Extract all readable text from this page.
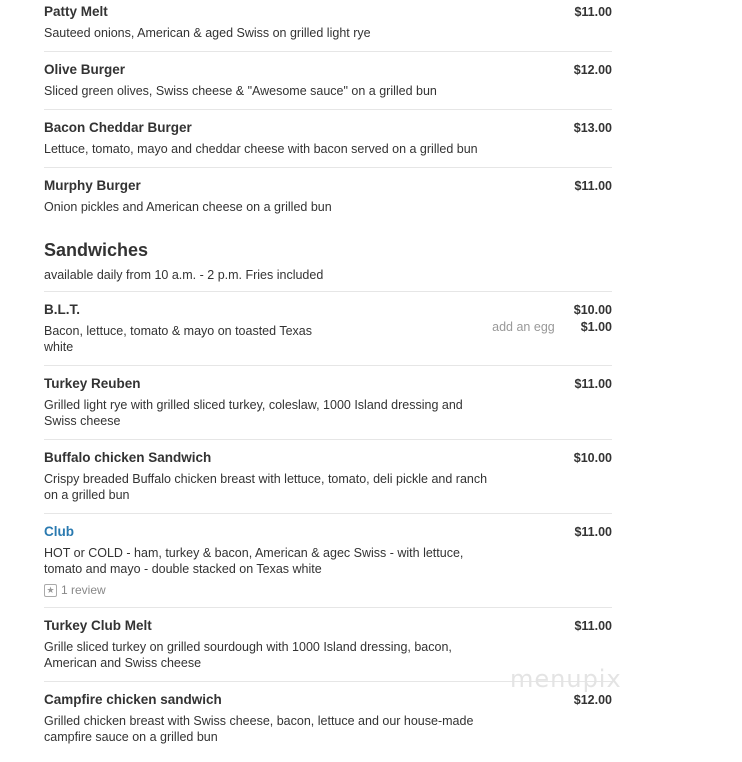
Patty Melt
Sauteed onions, American & aged Swiss on grilled light rye
$11.00
Olive Burger
Sliced green olives, Swiss cheese & "Awesome sauce" on a grilled bun
$12.00
Bacon Cheddar Burger
Lettuce, tomato, mayo and cheddar cheese with bacon served on a grilled bun
$13.00
Murphy Burger
Onion pickles and American cheese on a grilled bun
$11.00
Sandwiches
available daily from 10 a.m. - 2 p.m. Fries included
B.L.T.
Bacon, lettuce, tomato & mayo on toasted Texas white
$10.00
add an egg $1.00
Turkey Reuben
Grilled light rye with grilled sliced turkey, coleslaw, 1000 Island dressing and Swiss cheese
$11.00
Buffalo chicken Sandwich
Crispy breaded Buffalo chicken breast with lettuce, tomato, deli pickle and ranch on a grilled bun
$10.00
Club
HOT or COLD - ham, turkey & bacon, American & agec Swiss - with lettuce, tomato and mayo - double stacked on Texas white
★ 1 review
$11.00
Turkey Club Melt
Grille sliced turkey on grilled sourdough with 1000 Island dressing, bacon, American and Swiss cheese
$11.00
Campfire chicken sandwich
Grilled chicken breast with Swiss cheese, bacon, lettuce and our house-made campfire sauce on a grilled bun
$12.00
menupix
